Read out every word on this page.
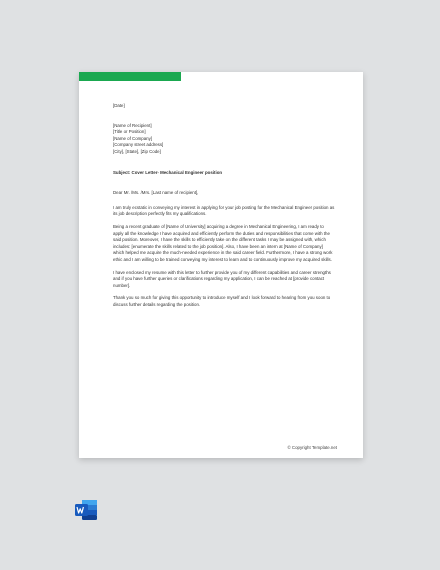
[Date]
[Name of Recipient]
[Title or Position]
[Name of Company]
[Company street address]
[City], [State], [Zip Code]
Subject: Cover Letter- Mechanical Engineer position
Dear Mr. /Ms. /Mrs. [Last name of recipient],
I am truly ecstatic in conveying my interest in applying for your job posting for the Mechanical Engineer position as its job description perfectly fits my qualifications.
Being a recent graduate of [Name of University] acquiring a degree in Mechanical Engineering, I am ready to apply all the knowledge I have acquired and efficiently perform the duties and responsibilities that come with the said position. Moreover, I have the skills to efficiently take on the different tasks I may be assigned with, which includes: [enumerate the skills related to the job position]. Also, I have been an intern at [Name of Company] which helped me acquire the much-needed experience in the said career field. Furthermore, I have a strong work ethic and I am willing to be trained conveying my interest to learn and to continuously improve my acquired skills.
I have enclosed my resume with this letter to further provide you of my different capabilities and career strengths and if you have further queries or clarifications regarding my application, I can be reached at [provide contact number].
Thank you so much for giving this opportunity to introduce myself and I look forward to hearing from you soon to discuss further details regarding the position.
© Copyright Template.net
